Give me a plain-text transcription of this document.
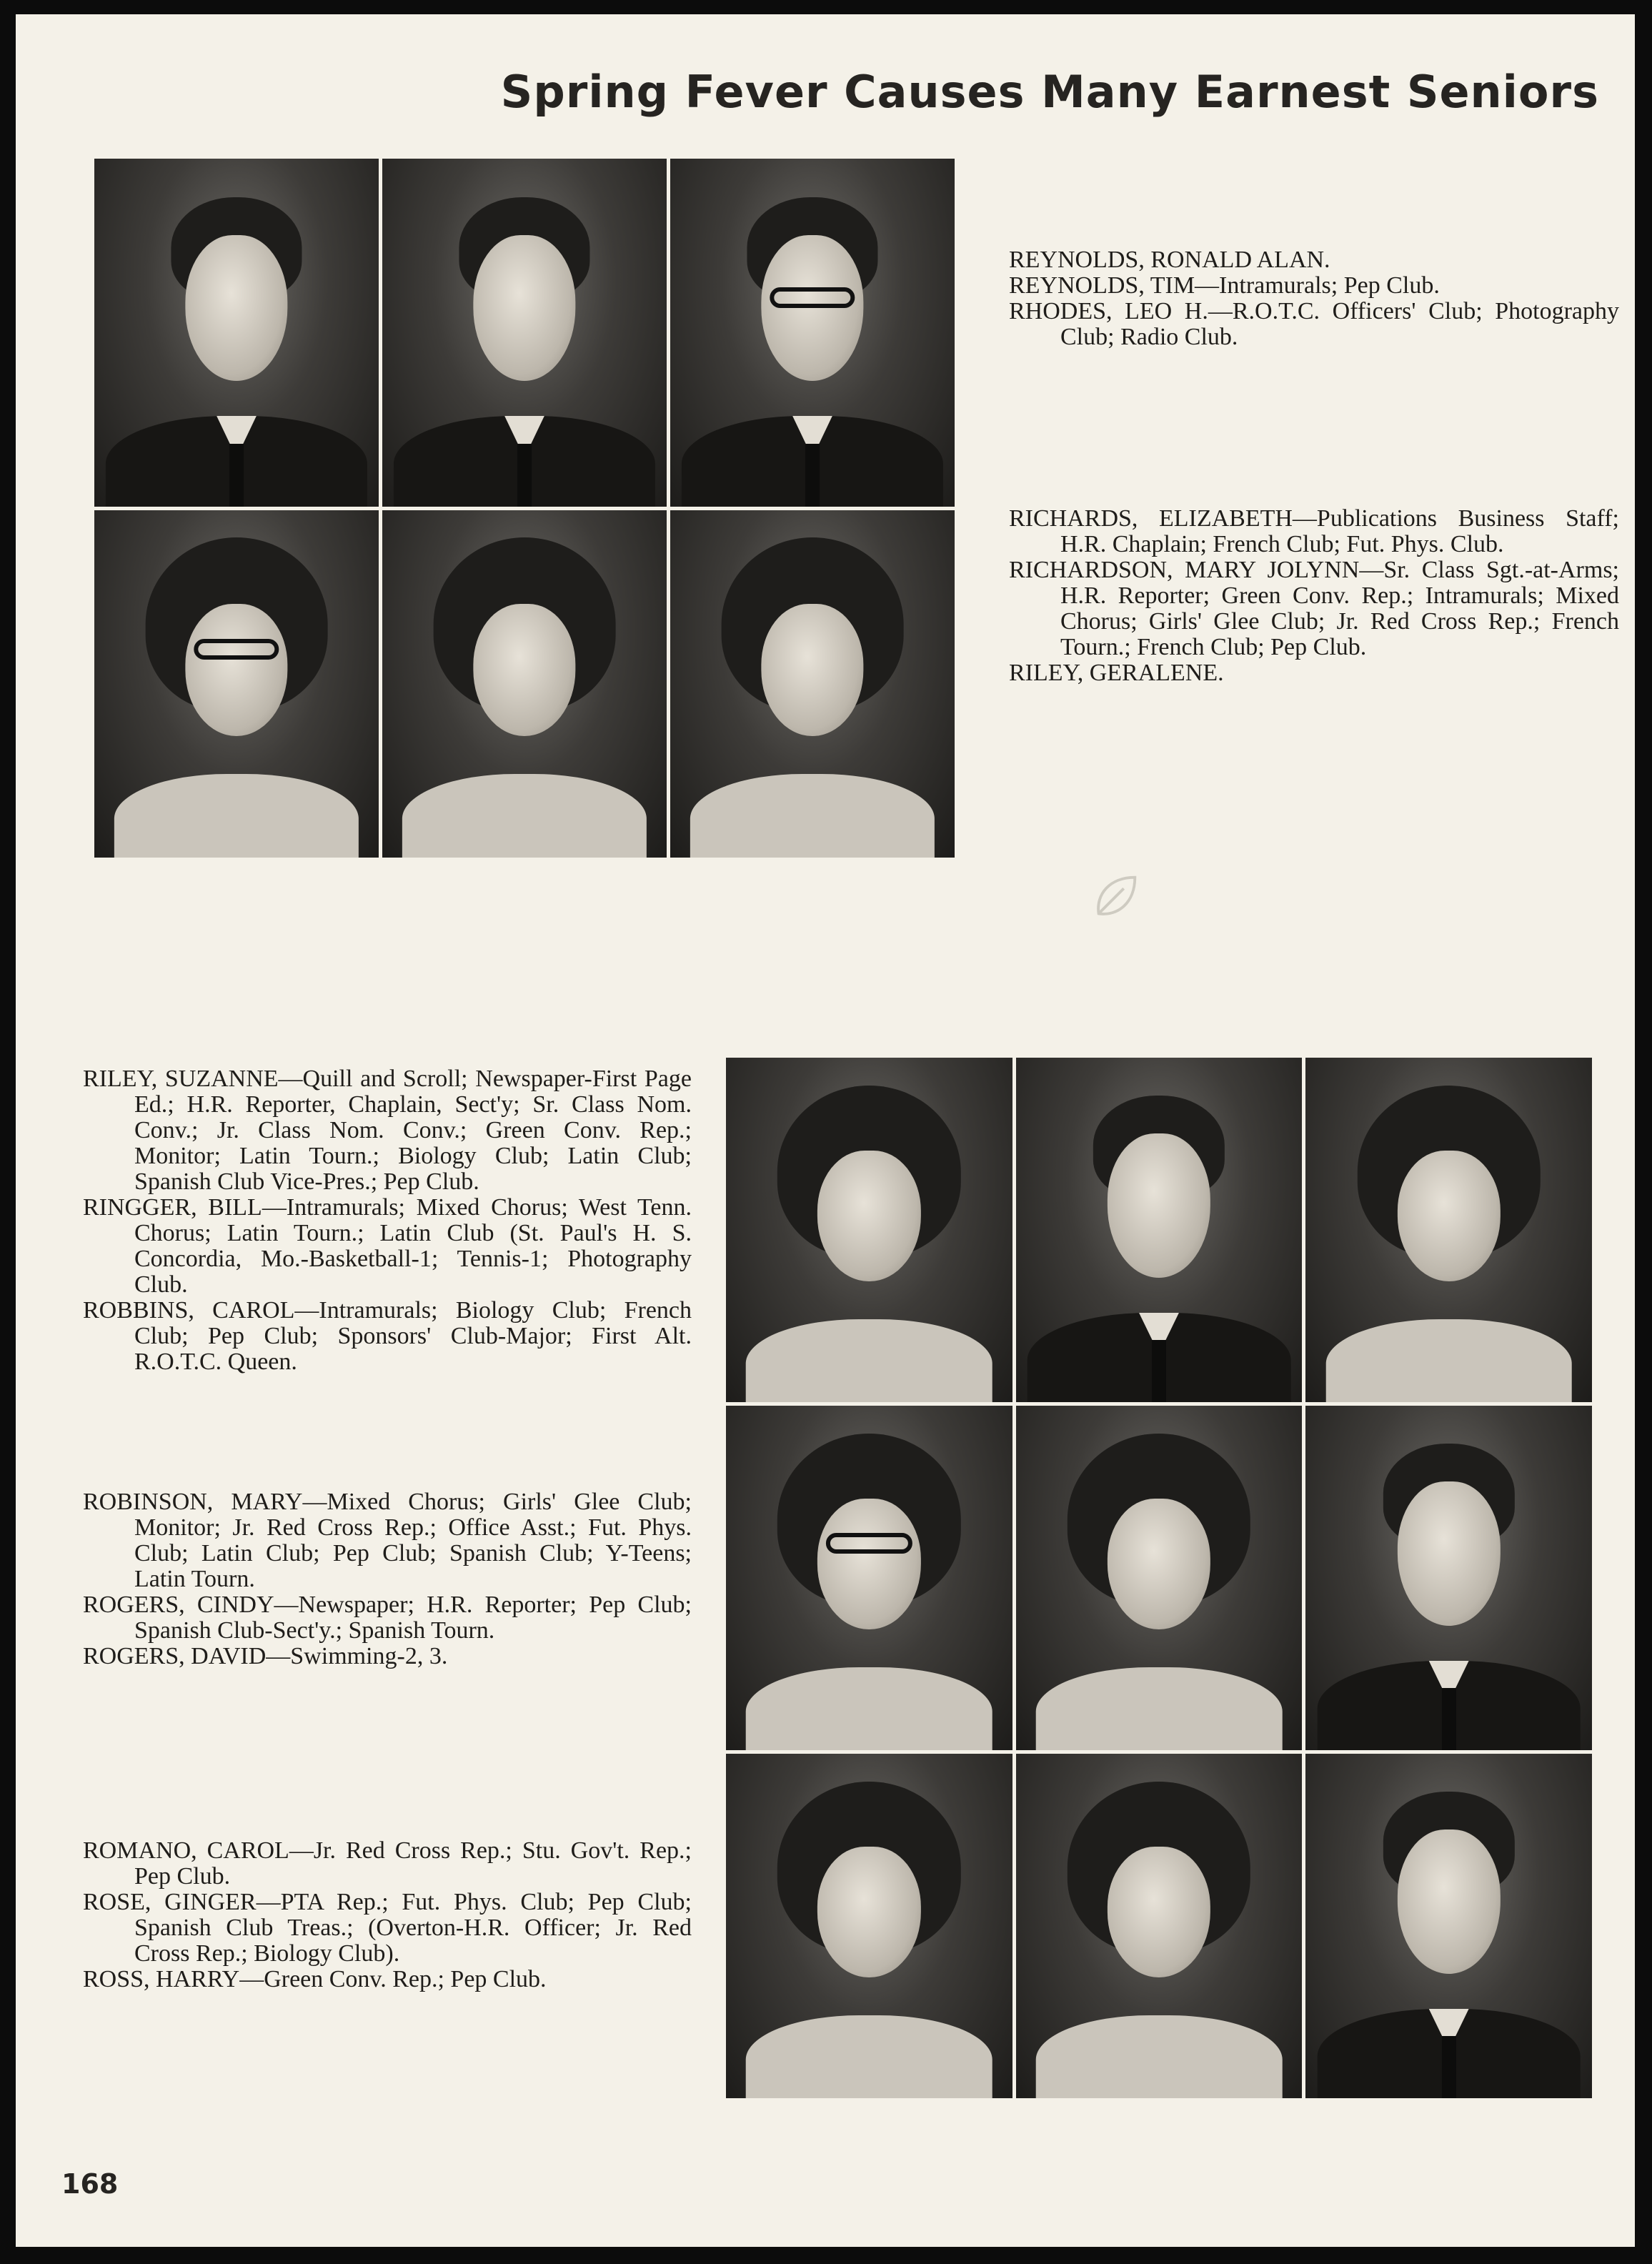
Spring Fever Causes Many Earnest Seniors
REYNOLDS, RONALD ALAN.
REYNOLDS, TIM—Intramurals; Pep Club.
RHODES, LEO H.—R.O.T.C. Officers' Club; Photography Club; Radio Club.
RICHARDS, ELIZABETH—Publications Business Staff; H.R. Chaplain; French Club; Fut. Phys. Club.
RICHARDSON, MARY JOLYNN—Sr. Class Sgt.-at-Arms; H.R. Reporter; Green Conv. Rep.; Intramurals; Mixed Chorus; Girls' Glee Club; Jr. Red Cross Rep.; French Tourn.; French Club; Pep Club.
RILEY, GERALENE.
RILEY, SUZANNE—Quill and Scroll; Newspaper-First Page Ed.; H.R. Reporter, Chaplain, Sect'y; Sr. Class Nom. Conv.; Jr. Class Nom. Conv.; Green Conv. Rep.; Monitor; Latin Tourn.; Biology Club; Latin Club; Spanish Club Vice-Pres.; Pep Club.
RINGGER, BILL—Intramurals; Mixed Chorus; West Tenn. Chorus; Latin Tourn.; Latin Club (St. Paul's H. S. Concordia, Mo.-Basketball-1; Tennis-1; Photography Club.
ROBBINS, CAROL—Intramurals; Biology Club; French Club; Pep Club; Sponsors' Club-Major; First Alt. R.O.T.C. Queen.
ROBINSON, MARY—Mixed Chorus; Girls' Glee Club; Monitor; Jr. Red Cross Rep.; Office Asst.; Fut. Phys. Club; Latin Club; Pep Club; Spanish Club; Y-Teens; Latin Tourn.
ROGERS, CINDY—Newspaper; H.R. Reporter; Pep Club; Spanish Club-Sect'y.; Spanish Tourn.
ROGERS, DAVID—Swimming-2, 3.
ROMANO, CAROL—Jr. Red Cross Rep.; Stu. Gov't. Rep.; Pep Club.
ROSE, GINGER—PTA Rep.; Fut. Phys. Club; Pep Club; Spanish Club Treas.; (Overton-H.R. Officer; Jr. Red Cross Rep.; Biology Club).
ROSS, HARRY—Green Conv. Rep.; Pep Club.

168
